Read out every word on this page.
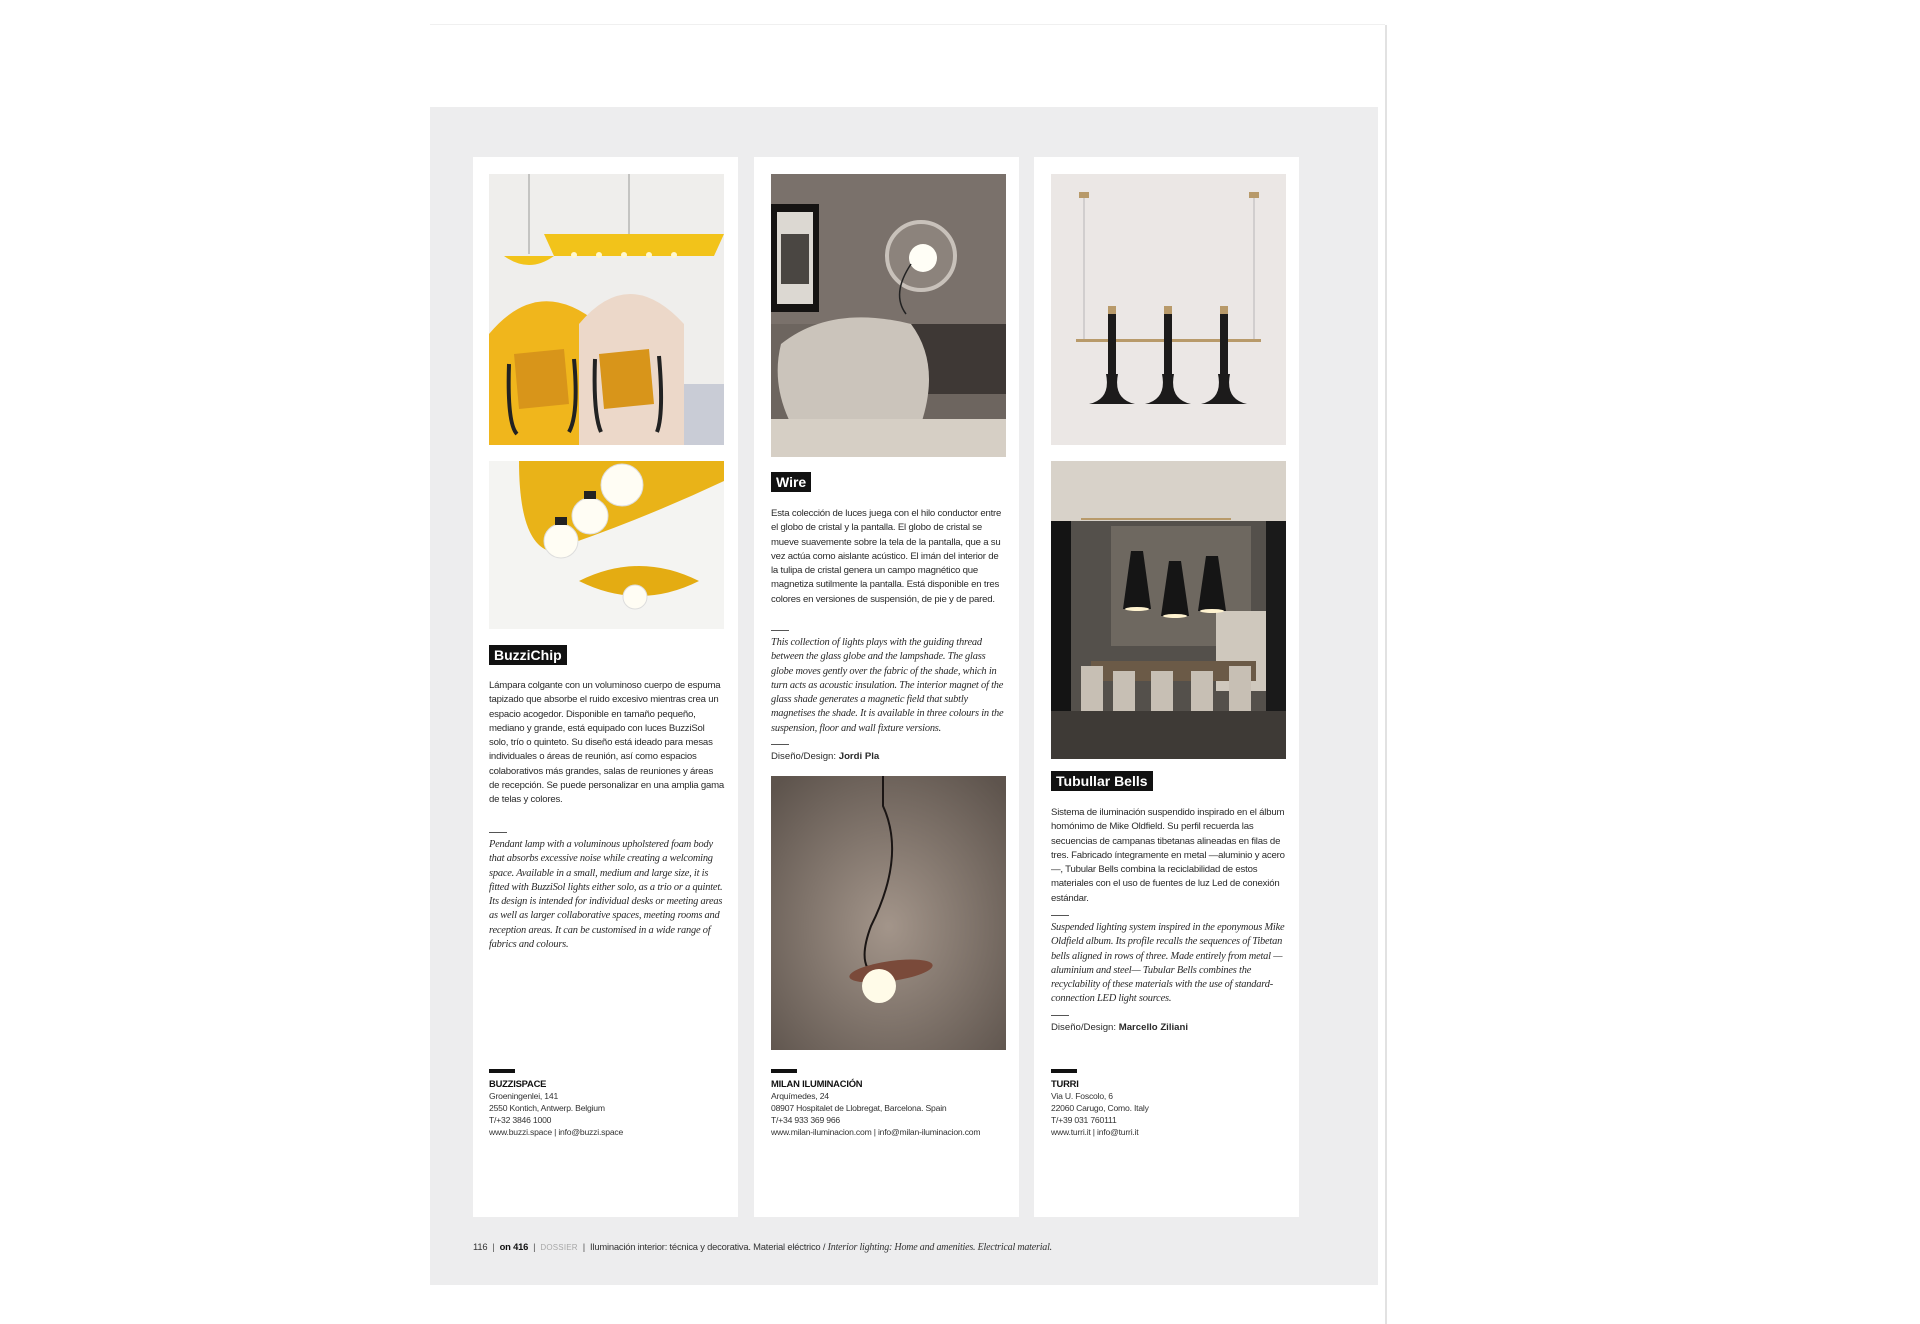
BuzziChip
Lámpara colgante con un voluminoso cuerpo de espuma tapizado que absorbe el ruido excesivo mientras crea un espacio acogedor. Disponible en tamaño pequeño, mediano y grande, está equipado con luces BuzziSol solo, trío o quinteto. Su diseño está ideado para mesas individuales o áreas de reunión, así como espacios colaborativos más grandes, salas de reuniones y áreas de recepción. Se puede personalizar en una amplia gama de telas y colores.
Pendant lamp with a voluminous upholstered foam body that absorbs excessive noise while creating a welcoming space. Available in a small, medium and large size, it is fitted with BuzziSol lights either solo, as a trio or a quintet. Its design is intended for individual desks or meeting areas as well as larger collaborative spaces, meeting rooms and reception areas. It can be customised in a wide range of fabrics and colours.
BUZZISPACE
Groeningenlei, 141
2550 Kontich, Antwerp. Belgium
T/+32 3846 1000
www.buzzi.space | info@buzzi.space
Wire
Esta colección de luces juega con el hilo conductor entre el globo de cristal y la pantalla. El globo de cristal se mueve suavemente sobre la tela de la pantalla, que a su vez actúa como aislante acústico. El imán del interior de la tulipa de cristal genera un campo magnético que magnetiza sutilmente la pantalla. Está disponible en tres colores en versiones de suspensión, de pie y de pared.
This collection of lights plays with the guiding thread between the glass globe and the lampshade. The glass globe moves gently over the fabric of the shade, which in turn acts as acoustic insulation. The interior magnet of the glass shade generates a magnetic field that subtly magnetises the shade. It is available in three colours in the suspension, floor and wall fixture versions.
Diseño/Design: Jordi Pla
MILAN ILUMINACIÓN
Arquímedes, 24
08907 Hospitalet de Llobregat, Barcelona. Spain
T/+34 933 369 966
www.milan-iluminacion.com | info@milan-iluminacion.com
Tubullar Bells
Sistema de iluminación suspendido inspirado en el álbum homónimo de Mike Oldfield. Su perfil recuerda las secuencias de campanas tibetanas alineadas en filas de tres. Fabricado íntegramente en metal —aluminio y acero—, Tubular Bells combina la reciclabilidad de estos materiales con el uso de fuentes de luz Led de conexión estándar.
Suspended lighting system inspired in the eponymous Mike Oldfield album. Its profile recalls the sequences of Tibetan bells aligned in rows of three. Made entirely from metal —aluminium and steel— Tubular Bells combines the recyclability of these materials with the use of standard-connection LED light sources.
Diseño/Design: Marcello Ziliani
TURRI
Via U. Foscolo, 6
22060 Carugo, Como. Italy
T/+39 031 760111
www.turri.it | info@turri.it
116 | on 416 | DOSSIER | Iluminación interior: técnica y decorativa. Material eléctrico / Interior lighting: Home and amenities. Electrical material.
